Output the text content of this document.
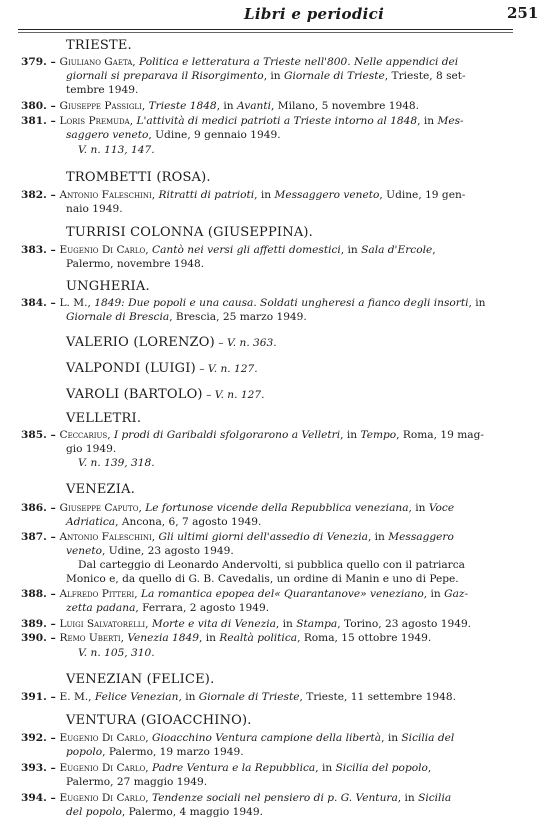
Libri e periodici	251
TRIESTE.
379. – Giuliano Gaeta, Politica e letteratura a Trieste nell'800. Nelle appendici dei
giornali si preparava il Risorgimento, in Giornale di Trieste, Trieste, 8 set-
tembre 1949.
380. – Giuseppe Passigli, Trieste 1848, in Avanti, Milano, 5 novembre 1948.
381. – Loris Premuda, L'attività di medici patrioti a Trieste intorno al 1848, in Mes-
saggero veneto, Udine, 9 gennaio 1949.
V. n. 113, 147.
TROMBETTI (ROSA).
382. – Antonio Faleschini, Ritratti di patrioti, in Messaggero veneto, Udine, 19 gen-
naio 1949.
TURRISI COLONNA (GIUSEPPINA).
383. – Eugenio Di Carlo, Cantò nei versi gli affetti domestici, in Sala d'Ercole,
Palermo, novembre 1948.
UNGHERIA.
384. – L. M., 1849: Due popoli e una causa. Soldati ungheresi a fianco degli insorti, in
Giornale di Brescia, Brescia, 25 marzo 1949.
VALERIO (LORENZO) – V. n. 363.
VALPONDI (LUIGI) – V. n. 127.
VAROLI (BARTOLO) – V. n. 127.
VELLETRI.
385. – Ceccarius, I prodi di Garibaldi sfolgorarono a Velletri, in Tempo, Roma, 19 mag-
gio 1949.
V. n. 139, 318.
VENEZIA.
386. – Giuseppe Caputo, Le fortunose vicende della Repubblica veneziana, in Voce
Adriatica, Ancona, 6, 7 agosto 1949.
387. – Antonio Faleschini, Gli ultimi giorni dell'assedio di Venezia, in Messaggero
veneto, Udine, 23 agosto 1949.
Dal carteggio di Leonardo Andervolti, si pubblica quello con il patriarca
Monico e, da quello di G. B. Cavedalis, un ordine di Manin e uno di Pepe.
388. – Alfredo Pitteri, La romantica epopea del« Quarantanove» veneziano, in Gaz-
zetta padana, Ferrara, 2 agosto 1949.
389. – Luigi Salvatorelli, Morte e vita di Venezia, in Stampa, Torino, 23 agosto 1949.
390. – Remo Uberti, Venezia 1849, in Realtà politica, Roma, 15 ottobre 1949.
V. n. 105, 310.
VENEZIAN (FELICE).
391. – E. M., Felice Venezian, in Giornale di Trieste, Trieste, 11 settembre 1948.
VENTURA (GIOACCHINO).
392. – Eugenio Di Carlo, Gioacchino Ventura campione della libertà, in Sicilia del
popolo, Palermo, 19 marzo 1949.
393. – Eugenio Di Carlo, Padre Ventura e la Repubblica, in Sicilia del popolo,
Palermo, 27 maggio 1949.
394. – Eugenio Di Carlo, Tendenze sociali nel pensiero di p. G. Ventura, in Sicilia
del popolo, Palermo, 4 maggio 1949.
